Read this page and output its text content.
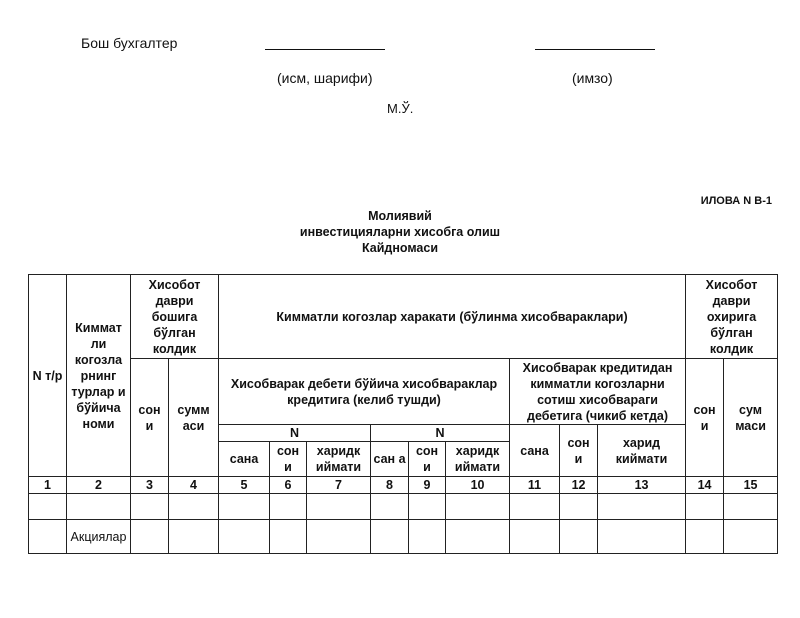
Бош бухгалтер
(исм, шарифи)	(имзо)
М.Ў.
ИЛОВА N В-1
Молиявий
инвестицияларни хисобга олиш
Кайдномаси
N т/р	Киммат ли когозла рнинг турлар и бўйича номи	Хисобот даври бошига бўлган колдик		Кимматли когозлар харакати (бўлинма хисобвараклари)									Хисобот даври охирига бўлган колдик	
		сон и	сумм аси	Хисобварак дебети бўйича хисобвараклар кредитига (келиб тушди)						Хисобварак кредитидан кимматли когозларни сотиш хисобвараги дебетига (чикиб кетда)			сон и	сум маси
				N			N			сана	сон и	харид киймати		
				сана	сон и	харидк иймати	сан а	сон и	харидк иймати					
1	2	3	4	5	6	7	8	9	10	11	12	13	14	15

	Акциялар													
